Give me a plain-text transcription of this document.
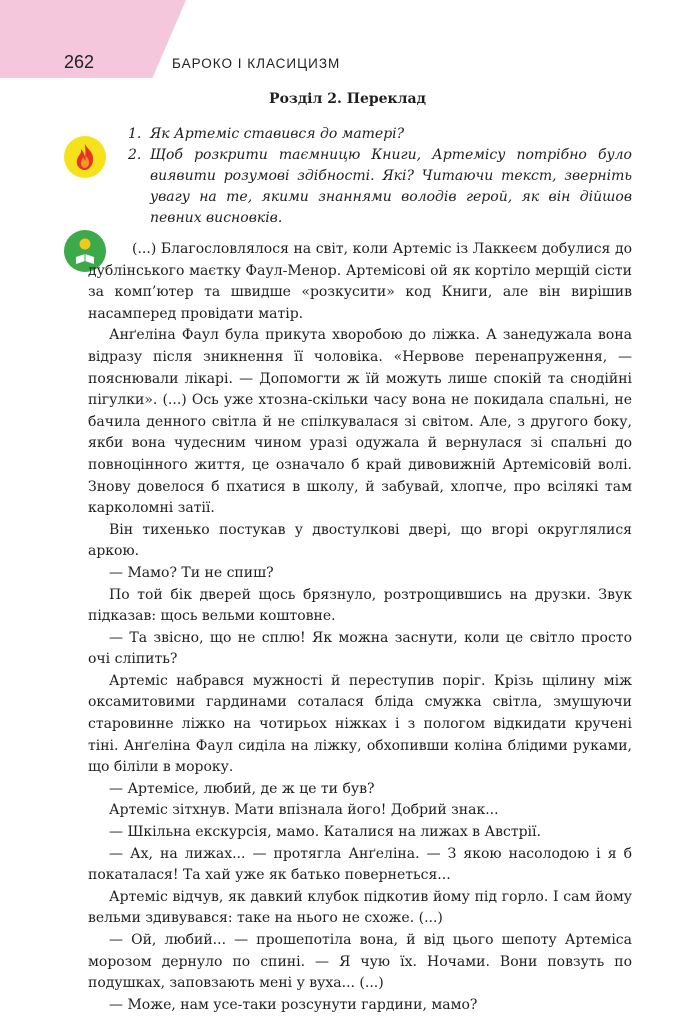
262	БАРОКО І КЛАСИЦИЗМ
Розділ 2. Переклад
1. Як Артеміс ставився до матері?
2. Щоб розкрити таємницю Книги, Артемісу потрібно було виявити розумові здібності. Які? Читаючи текст, зверніть увагу на те, якими знаннями володів герой, як він дійшов певних висновків.

(...) Благословлялося на світ, коли Артеміс із Лаккеєм добулися до дублінського маєтку Фаул-Менор. Артемісові ой як кортіло мерщій сісти за комп’ютер та швидше «розкусити» код Книги, але він вирішив насамперед провідати матір.

Анґеліна Фаул була прикута хворобою до ліжка. А занедужала вона відразу після зникнення її чоловіка. «Нервове перенапруження, — пояснювали лікарі. — Допомогти ж їй можуть лише спокій та снодійні пігулки». (...) Ось уже хтозна-скільки часу вона не покидала спальні, не бачила денного світла й не спілкувалася зі світом. Але, з другого боку, якби вона чудесним чином уразі одужала й вернулася зі спальні до повноцінного життя, це означало б край дивовижній Артемісовій волі. Знову довелося б пхатися в школу, й забувай, хлопче, про всілякі там карколомні затії.

Він тихенько постукав у двостулкові двері, що вгорі округлялися аркою.

— Мамо? Ти не спиш?

По той бік дверей щось брязнуло, розтрощившись на друзки. Звук підказав: щось вельми коштовне.

— Та звісно, що не сплю! Як можна заснути, коли це світло просто очі сліпить?

Артеміс набрався мужності й переступив поріг. Крізь щілину між оксамитовими гардинами соталася бліда смужка світла, змушуючи старовинне ліжко на чотирьох ніжках і з пологом відкидати кручені тіні. Анґеліна Фаул сиділа на ліжку, обхопивши коліна блідими руками, що біліли в мороку.

— Артемісе, любий, де ж це ти був?

Артеміс зітхнув. Мати впізнала його! Добрий знак...

— Шкільна екскурсія, мамо. Каталися на лижах в Австрії.

— Ах, на лижах... — протягла Анґеліна. — З якою насолодою і я б покаталася! Та хай уже як батько повернеться...

Артеміс відчув, як давкий клубок підкотив йому під горло. І сам йому вельми здивувався: таке на нього не схоже. (...)

— Ой, любий... — прошепотіла вона, й від цього шепоту Артеміса морозом дернуло по спині. — Я чую їх. Ночами. Вони повзуть по подушках, заповзають мені у вуха... (...)

— Може, нам усе-таки розсунути гардини, мамо?
